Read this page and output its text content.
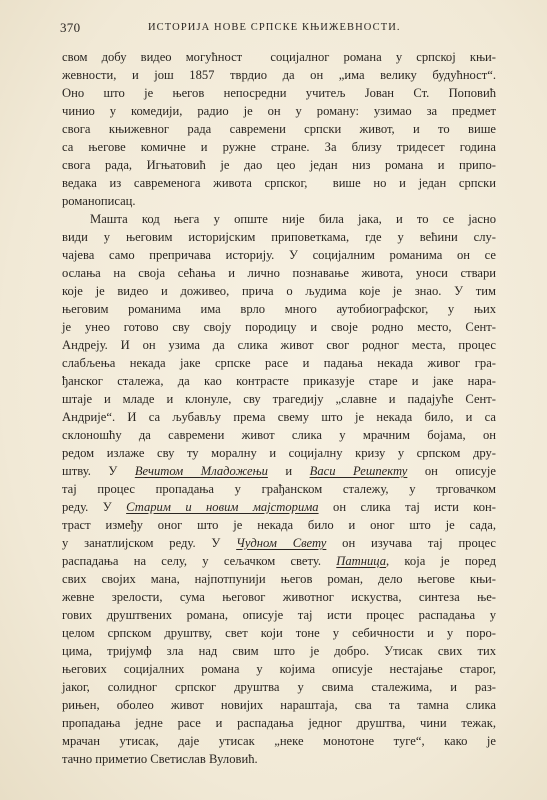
370	ИСТОРИЈА НОВЕ СРПСКЕ КЊИЖЕВНОСТИ.
свом добу видео могућност  социјалног романа у српској књи-
жевности, и још 1857 тврдио да он „има велику будућност“.
Оно што је његов непосредни учитељ Јован Ст. Поповић
чинио у комедији, радио је он у роману: узимао за предмет
свога књижевног рада савремени српски живот, и то више
са његове комичне и ружне стране. За близу тридесет година
свога рада, Игњатовић је дао цео један низ романа и припо-
ведака из савременога живота српског,  више но и један српски
романописац.
Машта код њега у опште није била јака, и то се јасно
види у његовим историјским приповеткама, где у већини слу-
чајева само препричава историју. У социјалним романима он се
ослања на своја сећања и лично познавање живота, уноси ствари
које је видео и доживео, прича о људима које је знао. У тим
његовим романима има врло много аутобиографског, у њих
је унео готово сву своју породицу и своје родно место, Сент-
Андреју. И он узима да слика живот свог родног места, процес
слабљења некада јаке српске расе и падања некада живог гра-
ђанског сталежа, да као контрасте приказује старе и јаке нара-
штаје и младе и клонуле, сву трагедију „славне и падајуће Сент-
Андрије“. И са љубављу према свему што је некада било, и са
склоношћу да савремени живот слика у мрачним бојама, он
редом излаже сву ту моралну и социјалну кризу у српском дру-
штву. У Вечитом Младожењи и Васи Решпекту он описује
тај процес пропадања у грађанском сталежу, у трговачком
реду. У Старим и новим мајсторима он слика тај исти кон-
траст између оног што је некада било и оног што је сада,
у занатлијском реду. У Чудном Свету он изучава тај процес
распадања на селу, у сељачком свету. Патница, која је поред
свих својих мана, најпотпунији његов роман, дело његове књи-
жевне зрелости, сума његовог животног искуства, синтеза ње-
гових друштвених романа, описује тај исти процес распадања у
целом српском друштву, свет који тоне у себичности и у поро-
цима, тријумф зла над свим што је добро. Утисак свих тих
његових социјалних романа у којима описује нестајање старог,
јаког, солидног српског друштва у свима сталежима, и раз-
рињен, оболео живот новијих нараштаја, сва та тамна слика
пропадања једне расе и распадања једног друштва, чини тежак,
мрачан утисак, даје утисак „неке монотоне туге“, како је
тачно приметио Светислав Вуловић.
